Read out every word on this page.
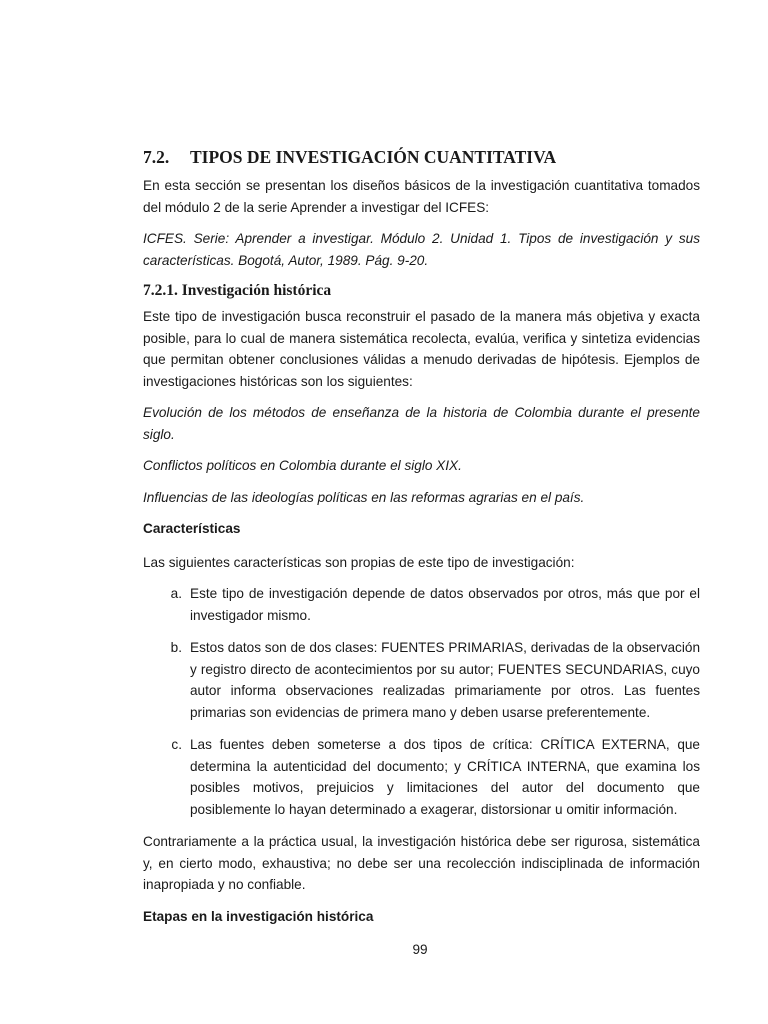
7.2.	TIPOS DE INVESTIGACIÓN CUANTITATIVA

En esta sección se presentan los diseños básicos de la investigación cuantitativa tomados del módulo 2 de la serie Aprender a investigar del ICFES:

ICFES. Serie: Aprender a investigar. Módulo 2. Unidad 1. Tipos de investigación y sus características. Bogotá, Autor, 1989. Pág. 9-20.

7.2.1. Investigación histórica

Este tipo de investigación busca reconstruir el pasado de la manera más objetiva y exacta posible, para lo cual de manera sistemática recolecta, evalúa, verifica y sintetiza evidencias que permitan obtener conclusiones válidas a menudo derivadas de hipótesis. Ejemplos de investigaciones históricas son los siguientes:

Evolución de los métodos de enseñanza de la historia de Colombia durante el presente siglo.

Conflictos políticos en Colombia durante el siglo XIX.

Influencias de las ideologías políticas en las reformas agrarias en el país.

Características

Las siguientes características son propias de este tipo de investigación:

a. Este tipo de investigación depende de datos observados por otros, más que por el investigador mismo.
b. Estos datos son de dos clases: FUENTES PRIMARIAS, derivadas de la observación y registro directo de acontecimientos por su autor; FUENTES SECUNDARIAS, cuyo autor informa observaciones realizadas primariamente por otros. Las fuentes primarias son evidencias de primera mano y deben usarse preferentemente.
c. Las fuentes deben someterse a dos tipos de crítica: CRÍTICA EXTERNA, que determina la autenticidad del documento; y CRÍTICA INTERNA, que examina los posibles motivos, prejuicios y limitaciones del autor del documento que posiblemente lo hayan determinado a exagerar, distorsionar u omitir información.

Contrariamente a la práctica usual, la investigación histórica debe ser rigurosa, sistemática y, en cierto modo, exhaustiva; no debe ser una recolección indisciplinada de información inapropiada y no confiable.

Etapas en la investigación histórica
99
